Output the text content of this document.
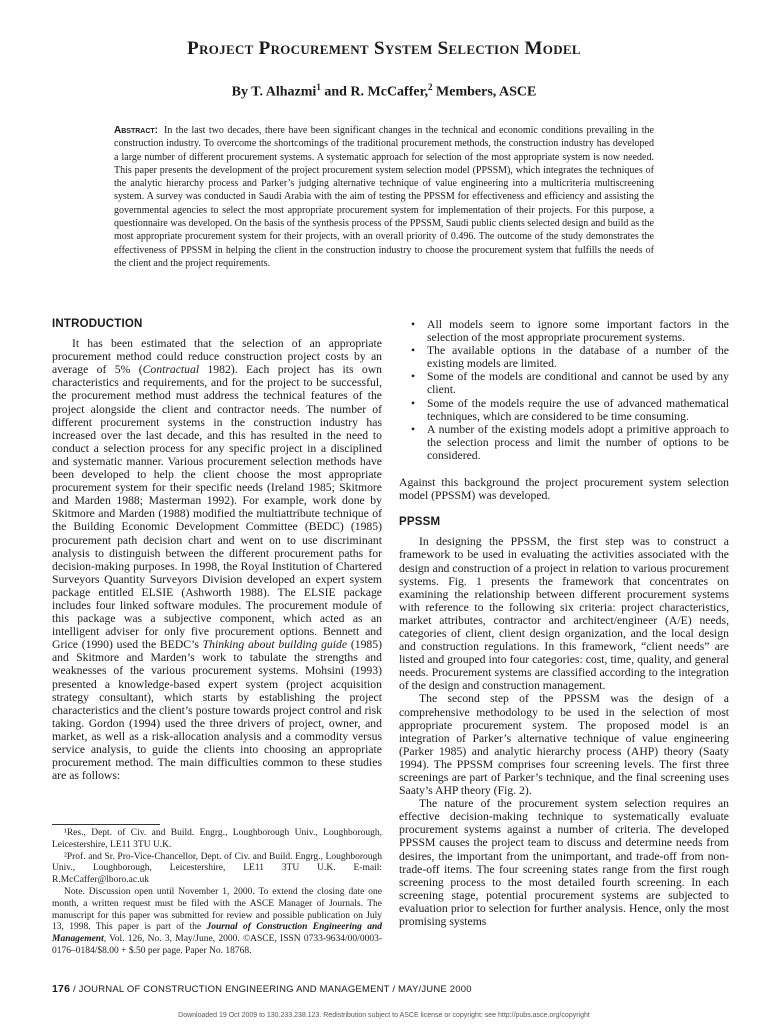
Project Procurement System Selection Model
By T. Alhazmi$^1$ and R. McCaffer,$^2$ Members, ASCE
Abstract: In the last two decades, there have been significant changes in the technical and economic conditions prevailing in the construction industry. To overcome the shortcomings of the traditional procurement methods, the construction industry has developed a large number of different procurement systems. A systematic approach for selection of the most appropriate system is now needed. This paper presents the development of the project procurement system selection model (PPSSM), which integrates the techniques of the analytic hierarchy process and Parker’s judging alternative technique of value engineering into a multicriteria multiscreening system. A survey was conducted in Saudi Arabia with the aim of testing the PPSSM for effectiveness and efficiency and assisting the governmental agencies to select the most appropriate procurement system for implementation of their projects. For this purpose, a questionnaire was developed. On the basis of the synthesis process of the PPSSM, Saudi public clients selected design and build as the most appropriate procurement system for their projects, with an overall priority of 0.496. The outcome of the study demonstrates the effectiveness of PPSSM in helping the client in the construction industry to choose the procurement system that fulfills the needs of the client and the project requirements.
INTRODUCTION

It has been estimated that the selection of an appropriate procurement method could reduce construction project costs by an average of 5% (Contractual 1982). Each project has its own characteristics and requirements, and for the project to be successful, the procurement method must address the technical features of the project alongside the client and contractor needs. The number of different procurement systems in the construction industry has increased over the last decade, and this has resulted in the need to conduct a selection process for any specific project in a disciplined and systematic manner. Various procurement selection methods have been developed to help the client choose the most appropriate procurement system for their specific needs (Ireland 1985; Skitmore and Marden 1988; Masterman 1992). For example, work done by Skitmore and Marden (1988) modified the multiattribute technique of the Building Economic Development Committee (BEDC) (1985) procurement path decision chart and went on to use discriminant analysis to distinguish between the different procurement paths for decision-making purposes. In 1998, the Royal Institution of Chartered Surveyors Quantity Surveyors Division developed an expert system package entitled ELSIE (Ashworth 1988). The ELSIE package includes four linked software modules. The procurement module of this package was a subjective component, which acted as an intelligent adviser for only five procurement options. Bennett and Grice (1990) used the BEDC’s Thinking about building guide (1985) and Skitmore and Marden’s work to tabulate the strengths and weaknesses of the various procurement systems. Mohsini (1993) presented a knowledge-based expert system (project acquisition strategy consultant), which starts by establishing the project characteristics and the client’s posture towards project control and risk taking. Gordon (1994) used the three drivers of project, owner, and market, as well as a risk-allocation analysis and a commodity versus service analysis, to guide the clients into choosing an appropriate procurement method. The main difficulties common to these studies are as follows:

¹Res., Dept. of Civ. and Build. Engrg., Loughborough Univ., Loughborough, Leicestershire, LE11 3TU U.K.

²Prof. and Sr. Pro-Vice-Chancellor, Dept. of Civ. and Build. Engrg., Loughborough Univ., Loughborough, Leicestershire, LE11 3TU U.K. E-mail: R.McCaffer@lboro.ac.uk

Note. Discussion open until November 1, 2000. To extend the closing date one month, a written request must be filed with the ASCE Manager of Journals. The manuscript for this paper was submitted for review and possible publication on July 13, 1998. This paper is part of the Journal of Construction Engineering and Management, Vol. 126, No. 3, May/June, 2000. ©ASCE, ISSN 0733-9634/00/0003-0176–0184/$8.00 + $.50 per page. Paper No. 18768.

• All models seem to ignore some important factors in the selection of the most appropriate procurement systems.
• The available options in the database of a number of the existing models are limited.
• Some of the models are conditional and cannot be used by any client.
• Some of the models require the use of advanced mathematical techniques, which are considered to be time consuming.
• A number of the existing models adopt a primitive approach to the selection process and limit the number of options to be considered.

Against this background the project procurement system selection model (PPSSM) was developed.

PPSSM

In designing the PPSSM, the first step was to construct a framework to be used in evaluating the activities associated with the design and construction of a project in relation to various procurement systems. Fig. 1 presents the framework that concentrates on examining the relationship between different procurement systems with reference to the following six criteria: project characteristics, market attributes, contractor and architect/engineer (A/E) needs, categories of client, client design organization, and the local design and construction regulations. In this framework, “client needs” are listed and grouped into four categories: cost, time, quality, and general needs. Procurement systems are classified according to the integration of the design and construction management.

The second step of the PPSSM was the design of a comprehensive methodology to be used in the selection of most appropriate procurement system. The proposed model is an integration of Parker’s alternative technique of value engineering (Parker 1985) and analytic hierarchy process (AHP) theory (Saaty 1994). The PPSSM comprises four screening levels. The first three screenings are part of Parker’s technique, and the final screening uses Saaty’s AHP theory (Fig. 2).

The nature of the procurement system selection requires an effective decision-making technique to systematically evaluate procurement systems against a number of criteria. The developed PPSSM causes the project team to discuss and determine needs from desires, the important from the unimportant, and trade-off from non-trade-off items. The four screening states range from the first rough screening process to the most detailed fourth screening. In each screening stage, potential procurement systems are subjected to evaluation prior to selection for further analysis. Hence, only the most promising systems

176 / JOURNAL OF CONSTRUCTION ENGINEERING AND MANAGEMENT / MAY/JUNE 2000
Downloaded 19 Oct 2009 to 130.233.238.123. Redistribution subject to ASCE license or copyright; see http://pubs.asce.org/copyright
